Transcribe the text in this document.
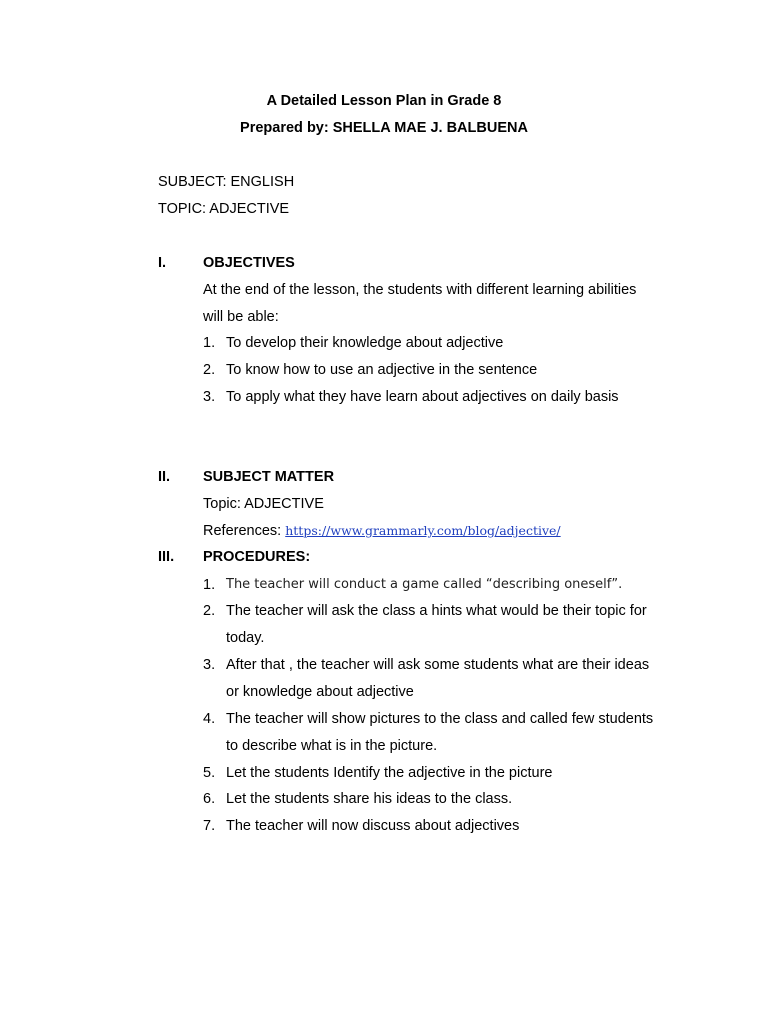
A Detailed Lesson Plan in Grade 8
Prepared by: SHELLA MAE J. BALBUENA
SUBJECT: ENGLISH
TOPIC: ADJECTIVE
I.	OBJECTIVES
At the end of the lesson, the students with different learning abilities
will be able:
1. To develop their knowledge about adjective
2. To know how to use an adjective in the sentence
3. To apply what they have learn about adjectives on daily basis
II. SUBJECT MATTER
Topic: ADJECTIVE
References: https://www.grammarly.com/blog/adjective/
III. PROCEDURES:
1. The teacher will conduct a game called “describing oneself”.
2. The teacher will ask the class a hints what would be their topic for
today.
3. After that , the teacher will ask some students what are their ideas
or knowledge about adjective
4. The teacher will show pictures to the class and called few students
to describe what is in the picture.
5. Let the students Identify the adjective in the picture
6. Let the students share his ideas to the class.
7. The teacher will now discuss about adjectives
